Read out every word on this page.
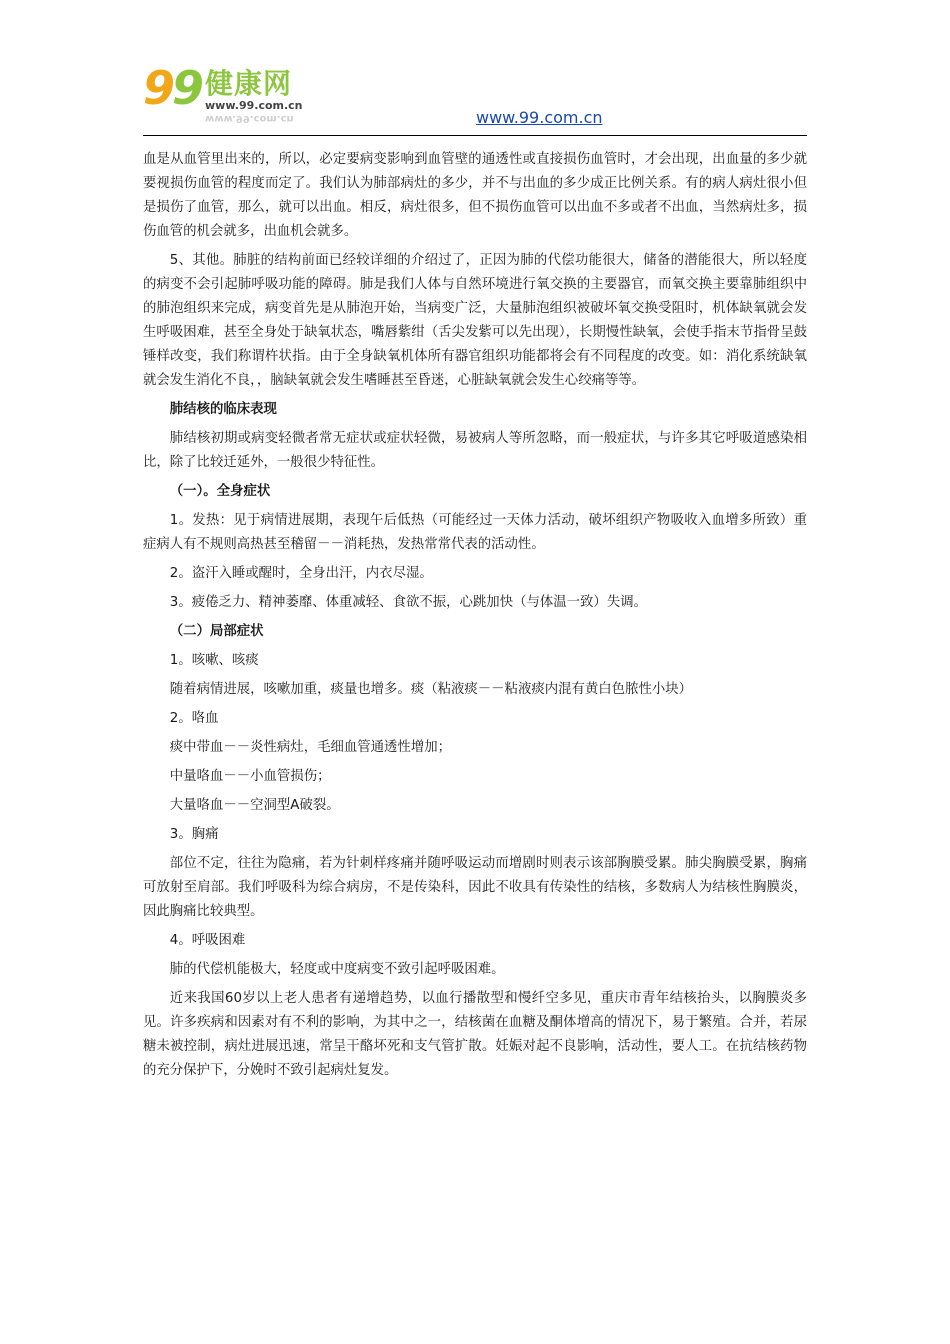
99 健康网
www.99.com.cn
www.99.com.cn	www.99.com.cn

血是从血管里出来的，所以，必定要病变影响到血管壁的通透性或直接损伤血管时，才会出现，出血量的多少就要视损伤血管的程度而定了。我们认为肺部病灶的多少，并不与出血的多少成正比例关系。有的病人病灶很小但是损伤了血管，那么，就可以出血。相反，病灶很多，但不损伤血管可以出血不多或者不出血，当然病灶多，损伤血管的机会就多，出血机会就多。

5、其他。肺脏的结构前面已经较详细的介绍过了，正因为肺的代偿功能很大，储备的潜能很大，所以轻度的病变不会引起肺呼吸功能的障碍。肺是我们人体与自然环境进行氧交换的主要器官，而氧交换主要靠肺组织中的肺泡组织来完成，病变首先是从肺泡开始，当病变广泛，大量肺泡组织被破坏氧交换受阻时，机体缺氧就会发生呼吸困难，甚至全身处于缺氧状态，嘴唇紫绀（舌尖发紫可以先出现），长期慢性缺氧，会使手指末节指骨呈鼓锤样改变，我们称谓杵状指。由于全身缺氧机体所有器官组织功能都将会有不同程度的改变。如：消化系统缺氧就会发生消化不良，，脑缺氧就会发生嗜睡甚至昏迷，心脏缺氧就会发生心绞痛等等。

肺结核的临床表现

肺结核初期或病变轻微者常无症状或症状轻微，易被病人等所忽略，而一般症状，与许多其它呼吸道感染相比，除了比较迁延外，一般很少特征性。

（一）。全身症状

1。发热：见于病情进展期，表现午后低热（可能经过一天体力活动，破坏组织产物吸收入血增多所致）重症病人有不规则高热甚至稽留－－消耗热，发热常常代表的活动性。

2。盗汗入睡或醒时，全身出汗，内衣尽湿。

3。疲倦乏力、精神萎靡、体重减轻、食欲不振，心跳加快（与体温一致）失调。

（二）局部症状

1。咳嗽、咳痰

随着病情进展，咳嗽加重，痰量也增多。痰（粘液痰－－粘液痰内混有黄白色脓性小块）

2。咯血

痰中带血－－炎性病灶，毛细血管通透性增加；

中量咯血－－小血管损伤；

大量咯血－－空洞型A破裂。

3。胸痛

部位不定，往往为隐痛，若为针刺样疼痛并随呼吸运动而增剧时则表示该部胸膜受累。肺尖胸膜受累，胸痛可放射至肩部。我们呼吸科为综合病房，不是传染科，因此不收具有传染性的结核，多数病人为结核性胸膜炎，因此胸痛比较典型。

4。呼吸困难

肺的代偿机能极大，轻度或中度病变不致引起呼吸困难。

近来我国60岁以上老人患者有递增趋势，以血行播散型和慢纤空多见，重庆市青年结核抬头，以胸膜炎多见。许多疾病和因素对有不利的影响，为其中之一，结核菌在血糖及酮体增高的情况下，易于繁殖。合并，若尿糖未被控制，病灶进展迅速，常呈干酪坏死和支气管扩散。妊娠对起不良影响，活动性，要人工。在抗结核药物的充分保护下，分娩时不致引起病灶复发。
